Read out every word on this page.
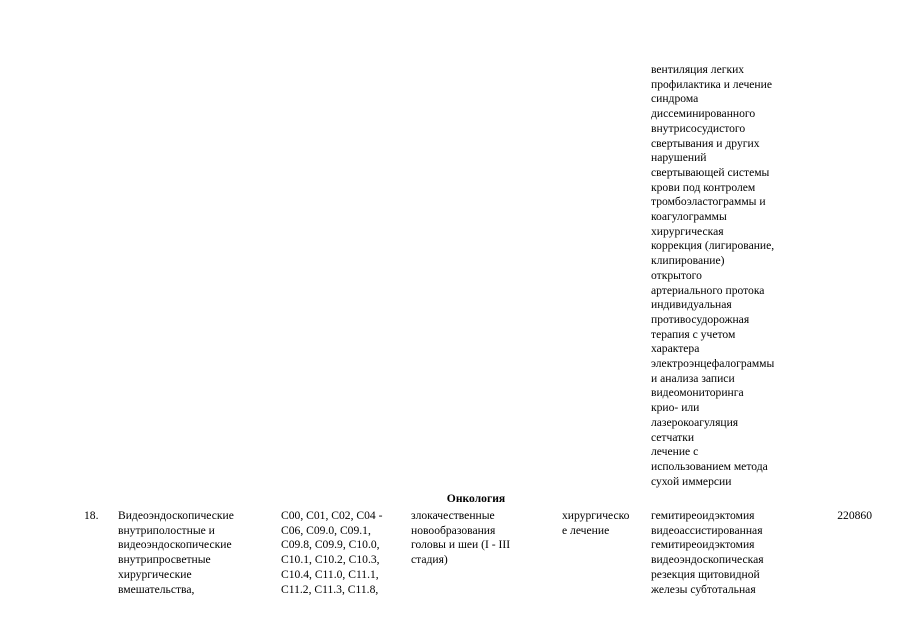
вентиляция легких
профилактика и лечение
синдрома
диссеминированного
внутрисосудистого
свертывания и других
нарушений
свертывающей системы
крови под контролем
тромбоэластограммы и
коагулограммы
хирургическая
коррекция (лигирование,
клипирование)
открытого
артериального протока
индивидуальная
противосудорожная
терапия с учетом
характера
электроэнцефалограммы
и анализа записи
видеомониторинга
крио- или
лазерокоагуляция
сетчатки
лечение с
использованием метода
сухой иммерсии
Онкология
18.	Видеоэндоскопические
внутриполостные и
видеоэндоскопические
внутрипросветные
хирургические
вмешательства,
C00, C01, C02, C04 -
C06, C09.0, C09.1,
C09.8, C09.9, C10.0,
C10.1, C10.2, C10.3,
C10.4, C11.0, C11.1,
C11.2, C11.3, C11.8,
злокачественные
новообразования
головы и шеи (I - III
стадия)
хирургическо
е лечение
гемитиреоидэктомия
видеоассистированная
гемитиреоидэктомия
видеоэндоскопическая
резекция щитовидной
железы субтотальная
220860
